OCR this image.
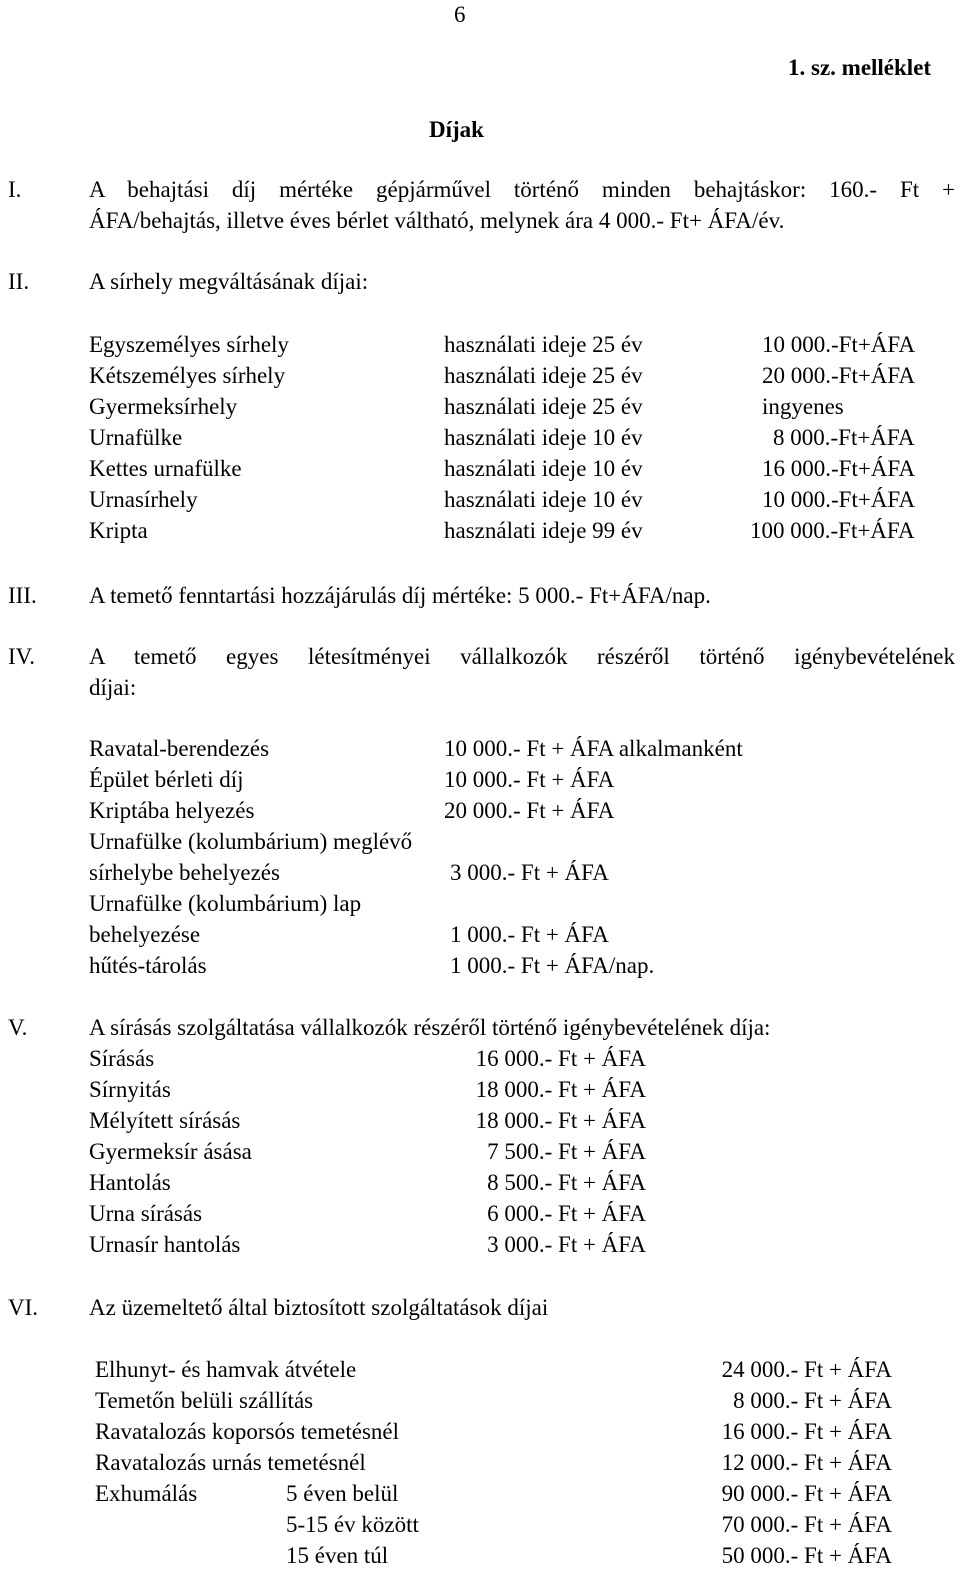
6
1. sz. melléklet
Díjak
I.	A behajtási díj mértéke gépjárművel történő minden behajtáskor: 160.- Ft +
ÁFA/behajtás, illetve éves bérlet váltható, melynek ára 4 000.- Ft+ ÁFA/év.
II.	A sírhely megváltásának díjai:
Egyszemélyes sírhely	használati ideje 25 év	10 000.-Ft+ÁFA
Kétszemélyes sírhely	használati ideje 25 év	20 000.-Ft+ÁFA
Gyermeksírhely	használati ideje 25 év	ingyenes
Urnafülke	használati ideje 10 év	8 000.-Ft+ÁFA
Kettes urnafülke	használati ideje 10 év	16 000.-Ft+ÁFA
Urnasírhely	használati ideje 10 év	10 000.-Ft+ÁFA
Kripta	használati ideje 99 év	100 000.-Ft+ÁFA
III. A temető fenntartási hozzájárulás díj mértéke: 5 000.- Ft+ÁFA/nap.
IV. A temető egyes létesítményei vállalkozók részéről történő igénybevételének
díjai:
Ravatal-berendezés	10 000.- Ft + ÁFA alkalmanként
Épület bérleti díj	10 000.- Ft + ÁFA
Kriptába helyezés	20 000.- Ft + ÁFA
Urnafülke (kolumbárium) meglévő
sírhelybe behelyezés	3 000.- Ft + ÁFA
Urnafülke (kolumbárium) lap
behelyezése	1 000.- Ft + ÁFA
hűtés-tárolás	1 000.- Ft + ÁFA/nap.
V.	A sírásás szolgáltatása vállalkozók részéről történő igénybevételének díja:
Sírásás	16 000.- Ft + ÁFA
Sírnyitás	18 000.- Ft + ÁFA
Mélyített sírásás	18 000.- Ft + ÁFA
Gyermeksír ásása	7 500.- Ft + ÁFA
Hantolás	8 500.- Ft + ÁFA
Urna sírásás	6 000.- Ft + ÁFA
Urnasír hantolás	3 000.- Ft + ÁFA
VI. Az üzemeltető által biztosított szolgáltatások díjai
Elhunyt- és hamvak átvétele	24 000.- Ft + ÁFA
Temetőn belüli szállítás	8 000.- Ft + ÁFA
Ravatalozás koporsós temetésnél	16 000.- Ft + ÁFA
Ravatalozás urnás temetésnél	12 000.- Ft + ÁFA
Exhumálás	5 éven belül	90 000.- Ft + ÁFA
5-15 év között	70 000.- Ft + ÁFA
15 éven túl	50 000.- Ft + ÁFA
